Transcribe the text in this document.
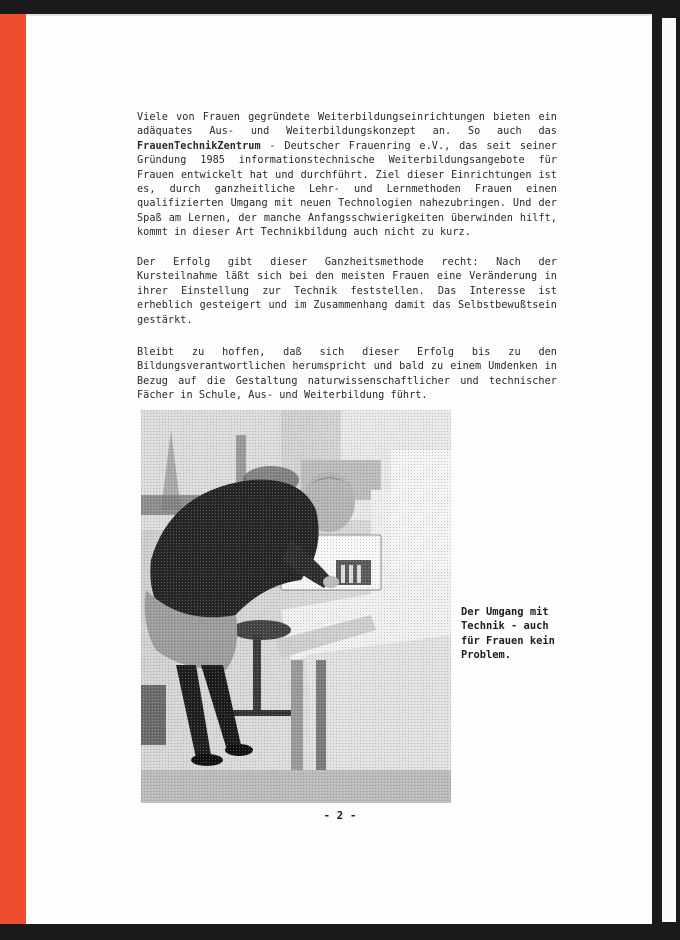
Viele von Frauen gegründete Weiterbildungseinrichtungen bieten ein adäquates Aus- und Weiterbildungskonzept an. So auch das FrauenTechnikZentrum - Deutscher Frauenring e.V., das seit seiner Gründung 1985 informationstechnische Weiterbildungsangebote für Frauen entwickelt hat und durchführt. Ziel dieser Einrichtungen ist es, durch ganzheitliche Lehr- und Lernmethoden Frauen einen qualifizierten Umgang mit neuen Technologien nahezubringen. Und der Spaß am Lernen, der manche Anfangsschwierigkeiten überwinden hilft, kommt in dieser Art Technikbildung auch nicht zu kurz.

Der Erfolg gibt dieser Ganzheitsmethode recht: Nach der Kursteilnahme läßt sich bei den meisten Frauen eine Veränderung in ihrer Einstellung zur Technik feststellen. Das Interesse ist erheblich gesteigert und im Zusammenhang damit das Selbstbewußtsein gestärkt.

Bleibt zu hoffen, daß sich dieser Erfolg bis zu den Bildungsverantwortlichen herumspricht und bald zu einem Umdenken in Bezug auf die Gestaltung naturwissenschaftlicher und technischer Fächer in Schule, Aus- und Weiterbildung führt.

Der Umgang mit
Technik - auch
für Frauen kein
Problem.
- 2 -
